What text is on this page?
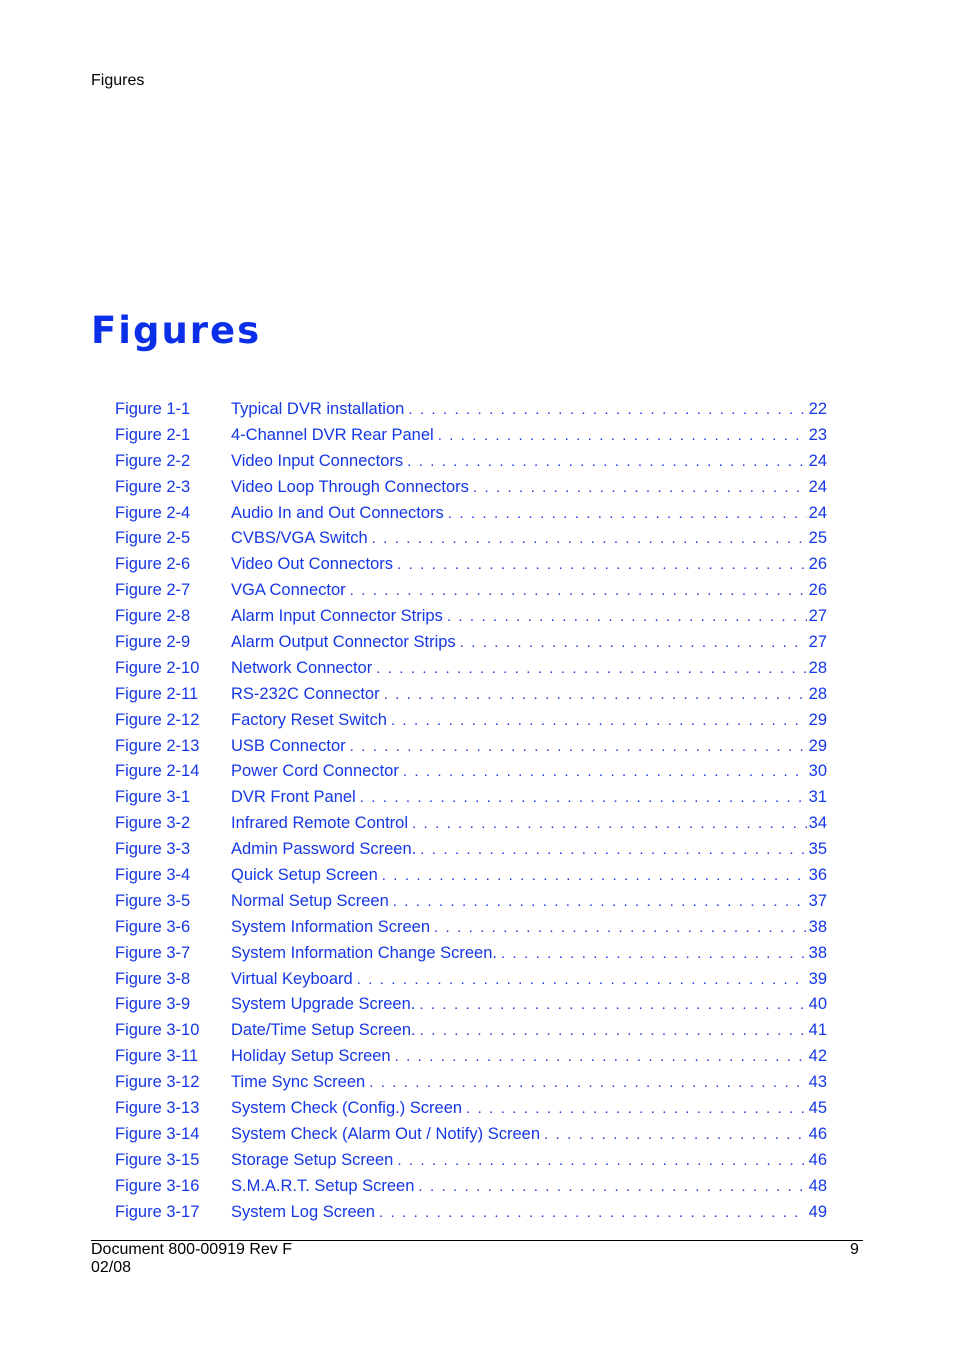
Figures
Figures
Figure 1-1	Typical DVR installation . . .	22
Figure 2-1	4-Channel DVR Rear Panel . . .	23
Figure 2-2	Video Input Connectors . . .	24
Figure 2-3	Video Loop Through Connectors . . .	24
Figure 2-4	Audio In and Out Connectors . . .	24
Figure 2-5	CVBS/VGA Switch . . .	25
Figure 2-6	Video Out Connectors . . .	26
Figure 2-7	VGA Connector . . .	26
Figure 2-8	Alarm Input Connector Strips . . .	27
Figure 2-9	Alarm Output Connector Strips . . .	27
Figure 2-10	Network Connector . . .	28
Figure 2-11	RS-232C Connector . . .	28
Figure 2-12	Factory Reset Switch . . .	29
Figure 2-13	USB Connector . . .	29
Figure 2-14	Power Cord Connector . . .	30
Figure 3-1	DVR Front Panel . . .	31
Figure 3-2	Infrared Remote Control . . .	34
Figure 3-3	Admin Password Screen. . . .	35
Figure 3-4	Quick Setup Screen . . .	36
Figure 3-5	Normal Setup Screen . . .	37
Figure 3-6	System Information Screen . . .	38
Figure 3-7	System Information Change Screen. . . .	38
Figure 3-8	Virtual Keyboard . . .	39
Figure 3-9	System Upgrade Screen. . . .	40
Figure 3-10	Date/Time Setup Screen. . . .	41
Figure 3-11	Holiday Setup Screen . . .	42
Figure 3-12	Time Sync Screen . . .	43
Figure 3-13	System Check (Config.) Screen . . .	45
Figure 3-14	System Check (Alarm Out / Notify) Screen . . .	46
Figure 3-15	Storage Setup Screen . . .	46
Figure 3-16	S.M.A.R.T. Setup Screen . . .	48
Figure 3-17	System Log Screen . . .	49
Document 800-00919 Rev F
02/08
9
